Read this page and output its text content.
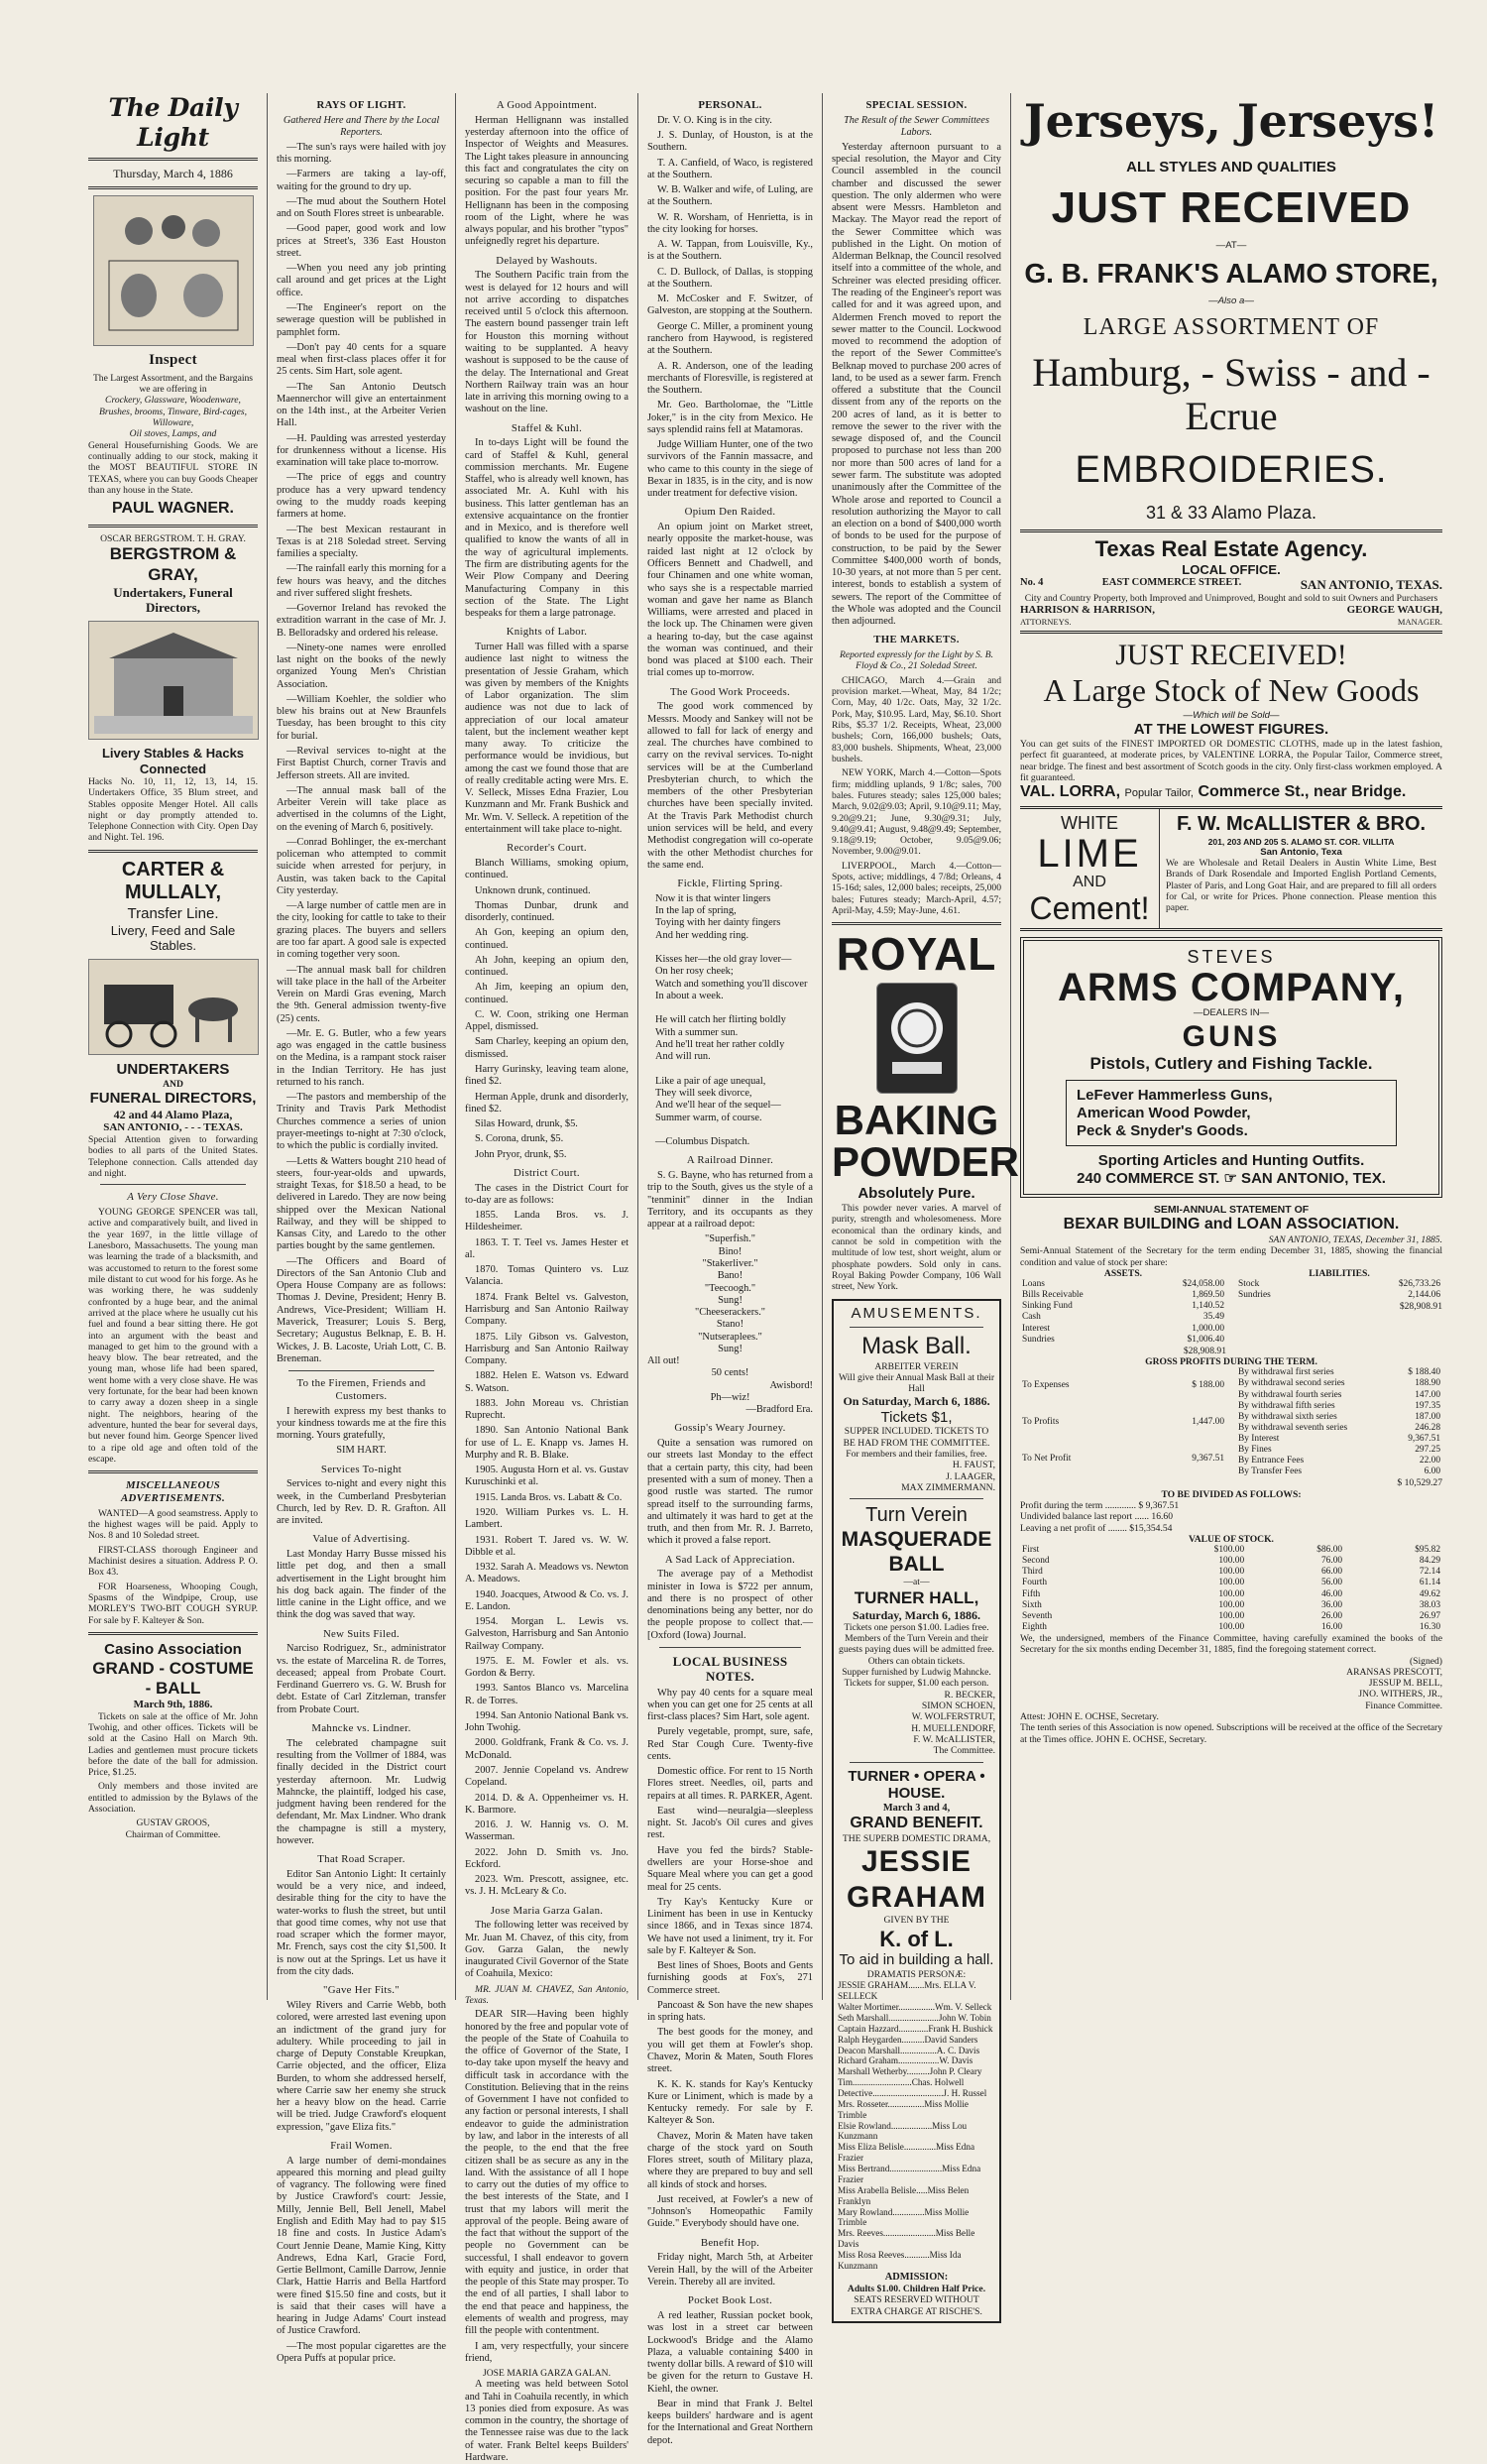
The Daily Light
Thursday, March 4, 1886
Inspect
The Largest Assortment, and the Bargains we are offering in
Crockery, Glassware, Woodenware,
Brushes, brooms, Tinware, Bird-cages, Willoware,
Oil stoves, Lamps, and
General Housefurnishing Goods. We are continually adding to our stock, making it the MOST BEAUTIFUL STORE IN TEXAS, where you can buy Goods Cheaper than any house in the State.
PAUL WAGNER.
OSCAR BERGSTROM. T. H. GRAY.
BERGSTROM & GRAY,
Undertakers, Funeral Directors,
Livery Stables & Hacks Connected
Hacks No. 10, 11, 12, 13, 14, 15. Undertakers Office, 35 Blum street, and Stables opposite Menger Hotel. All calls night or day promptly attended to. Telephone Connection with City. Open Day and Night. Tel. 196.
CARTER & MULLALY,
Transfer Line.
Livery, Feed and Sale Stables.
UNDERTAKERS
AND
FUNERAL DIRECTORS,
42 and 44 Alamo Plaza,
SAN ANTONIO, - - - TEXAS.
Special Attention given to forwarding bodies to all parts of the United States. Telephone connection. Calls attended day and night.
A Very Close Shave.

YOUNG GEORGE SPENCER was tall, active and comparatively built, and lived in the year 1697, in the little village of Lanesboro, Massachusetts. The young man was learning the trade of a blacksmith, and was accustomed to return to the forest some mile distant to cut wood for his forge. As he was working there, he was suddenly confronted by a huge bear, and the animal arrived at the place where he usually cut his fuel and found a bear sitting there. He got into an argument with the beast and managed to get him to the ground with a heavy blow. The bear retreated, and the young man, whose life had been spared, went home with a very close shave. He was very fortunate, for the bear had been known to carry away a dozen sheep in a single night. The neighbors, hearing of the adventure, hunted the bear for several days, but never found him. George Spencer lived to a ripe old age and often told of the escape.

MISCELLANEOUS ADVERTISEMENTS.

WANTED—A good seamstress. Apply to the highest wages will be paid. Apply to Nos. 8 and 10 Soledad street.

FIRST-CLASS thorough Engineer and Machinist desires a situation. Address P. O. Box 43.

FOR Hoarseness, Whooping Cough, Spasms of the Windpipe, Croup, use MORLEY'S TWO-BIT COUGH SYRUP. For sale by F. Kalteyer & Son.

Casino Association
GRAND - COSTUME - BALL
March 9th, 1886.

Tickets on sale at the office of Mr. John Twohig, and other offices. Tickets will be sold at the Casino Hall on March 9th. Ladies and gentlemen must procure tickets before the date of the ball for admission. Price, $1.25.

Only members and those invited are entitled to admission by the Bylaws of the Association.

GUSTAV GROOS,
Chairman of Committee.
RAYS OF LIGHT.
Gathered Here and There by the Local Reporters.

—The sun's rays were hailed with joy this morning.

—Farmers are taking a lay-off, waiting for the ground to dry up.

—The mud about the Southern Hotel and on South Flores street is unbearable.

—Good paper, good work and low prices at Street's, 336 East Houston street.

—When you need any job printing call around and get prices at the Light office.

—The Engineer's report on the sewerage question will be published in pamphlet form.

—Don't pay 40 cents for a square meal when first-class places offer it for 25 cents. Sim Hart, sole agent.

—The San Antonio Deutsch Maennerchor will give an entertainment on the 14th inst., at the Arbeiter Verien Hall.

—H. Paulding was arrested yesterday for drunkenness without a license. His examination will take place to-morrow.

—The price of eggs and country produce has a very upward tendency owing to the muddy roads keeping farmers at home.

—The best Mexican restaurant in Texas is at 218 Soledad street. Serving families a specialty.

—The rainfall early this morning for a few hours was heavy, and the ditches and river suffered slight freshets.

—Governor Ireland has revoked the extradition warrant in the case of Mr. J. B. Belloradsky and ordered his release.

—Ninety-one names were enrolled last night on the books of the newly organized Young Men's Christian Association.

—William Koehler, the soldier who blew his brains out at New Braunfels Tuesday, has been brought to this city for burial.

—Revival services to-night at the First Baptist Church, corner Travis and Jefferson streets. All are invited.

—The annual mask ball of the Arbeiter Verein will take place as advertised in the columns of the Light, on the evening of March 6, positively.

—Conrad Bohlinger, the ex-merchant policeman who attempted to commit suicide when arrested for perjury, in Austin, was taken back to the Capital City yesterday.

—A large number of cattle men are in the city, looking for cattle to take to their grazing places. The buyers and sellers are too far apart. A good sale is expected in coming together very soon.

—The annual mask ball for children will take place in the hall of the Arbeiter Verein on Mardi Gras evening, March the 9th. General admission twenty-five (25) cents.

—Mr. E. G. Butler, who a few years ago was engaged in the cattle business on the Medina, is a rampant stock raiser in the Indian Territory. He has just returned to his ranch.

—The pastors and membership of the Trinity and Travis Park Methodist Churches commence a series of union prayer-meetings to-night at 7:30 o'clock, to which the public is cordially invited.

—Letts & Watters bought 210 head of steers, four-year-olds and upwards, straight Texas, for $18.50 a head, to be delivered in Laredo. They are now being shipped over the Mexican National Railway, and they will be shipped to Kansas City, and Laredo to the other parties bought by the same gentlemen.

—The Officers and Board of Directors of the San Antonio Club and Opera House Company are as follows: Thomas J. Devine, President; Henry B. Andrews, Vice-President; William H. Maverick, Treasurer; Louis S. Berg, Secretary; Augustus Belknap, E. B. H. Wickes, J. B. Lacoste, Uriah Lott, C. B. Breneman.

To the Firemen, Friends and Customers.

I herewith express my best thanks to your kindness towards me at the fire this morning. Yours gratefully,

SIM HART.
Services To-night

Services to-night and every night this week, in the Cumberland Presbyterian Church, led by Rev. D. R. Grafton. All are invited.

Value of Advertising.

Last Monday Harry Busse missed his little pet dog, and then a small advertisement in the Light brought him his dog back again. The finder of the little canine in the Light office, and we think the dog was saved that way.

New Suits Filed.

Narciso Rodriguez, Sr., administrator vs. the estate of Marcelina R. de Torres, deceased; appeal from Probate Court. Ferdinand Guerrero vs. G. W. Brush for debt. Estate of Carl Zitzleman, transfer from Probate Court.

Mahncke vs. Lindner.

The celebrated champagne suit resulting from the Vollmer of 1884, was finally decided in the District court yesterday afternoon. Mr. Ludwig Mahncke, the plaintiff, lodged his case, judgment having been rendered for the defendant, Mr. Max Lindner. Who drank the champagne is still a mystery, however.

That Road Scraper.

Editor San Antonio Light: It certainly would be a very nice, and indeed, desirable thing for the city to have the water-works to flush the street, but until that good time comes, why not use that road scraper which the former mayor, Mr. French, says cost the city $1,500. It is now out at the Springs. Let us have it from the city dads.

"Gave Her Fits."

Wiley Rivers and Carrie Webb, both colored, were arrested last evening upon an indictment of the grand jury for adultery. While proceeding to jail in charge of Deputy Constable Kreupkan, Carrie objected, and the officer, Eliza Burden, to whom she addressed herself, where Carrie saw her enemy she struck her a heavy blow on the head. Carrie will be tried. Judge Crawford's eloquent expression, "gave Eliza fits."

Frail Women.

A large number of demi-mondaines appeared this morning and plead guilty of vagrancy. The following were fined by Justice Crawford's court: Jessie, Milly, Jennie Bell, Bell Jenell, Mabel English and Edith May had to pay $15 18 fine and costs. In Justice Adam's Court Jennie Deane, Mamie King, Kitty Andrews, Edna Karl, Gracie Ford, Gertie Bellmont, Camille Darrow, Jennie Clark, Hattie Harris and Bella Hartford were fined $15.50 fine and costs, but it is said that their cases will have a hearing in Judge Adams' Court instead of Justice Crawford.

—The most popular cigarettes are the Opera Puffs at popular price.

A Good Appointment.

Herman Hellignann was installed yesterday afternoon into the office of Inspector of Weights and Measures. The Light takes pleasure in announcing this fact and congratulates the city on securing so capable a man to fill the position. For the past four years Mr. Hellignann has been in the composing room of the Light, where he was always popular, and his brother "typos" unfeignedly regret his departure.

Delayed by Washouts.

The Southern Pacific train from the west is delayed for 12 hours and will not arrive according to dispatches received until 5 o'clock this afternoon. The eastern bound passenger train left for Houston this morning without waiting to be supplanted. A heavy washout is supposed to be the cause of the delay. The International and Great Northern Railway train was an hour late in arriving this morning owing to a washout on the line.

Staffel & Kuhl.

In to-days Light will be found the card of Staffel & Kuhl, general commission merchants. Mr. Eugene Staffel, who is already well known, has associated Mr. A. Kuhl with his business. This latter gentleman has an extensive acquaintance on the frontier and in Mexico, and is therefore well qualified to know the wants of all in the way of agricultural implements. The firm are distributing agents for the Weir Plow Company and Deering Manufacturing Company in this section of the State. The Light bespeaks for them a large patronage.

Knights of Labor.

Turner Hall was filled with a sparse audience last night to witness the presentation of Jessie Graham, which was given by members of the Knights of Labor organization. The slim audience was not due to lack of appreciation of our local amateur talent, but the inclement weather kept many away. To criticize the performance would be invidious, but among the cast we found those that are of really creditable acting were Mrs. E. V. Selleck, Misses Edna Frazier, Lou Kunzmann and Mr. Frank Bushick and Mr. Wm. V. Selleck. A repetition of the entertainment will take place to-night.

Recorder's Court.

Blanch Williams, smoking opium, continued.

Unknown drunk, continued.

Thomas Dunbar, drunk and disorderly, continued.

Ah Gon, keeping an opium den, continued.

Ah John, keeping an opium den, continued.

Ah Jim, keeping an opium den, continued.

C. W. Coon, striking one Herman Appel, dismissed.

Sam Charley, keeping an opium den, dismissed.

Harry Gurinsky, leaving team alone, fined $2.

Herman Apple, drunk and disorderly, fined $2.

Silas Howard, drunk, $5.

S. Corona, drunk, $5.

John Pryor, drunk, $5.

District Court.

The cases in the District Court for to-day are as follows:

1855. Landa Bros. vs. J. Hildesheimer.

1863. T. T. Teel vs. James Hester et al.

1870. Tomas Quintero vs. Luz Valancia.

1874. Frank Beltel vs. Galveston, Harrisburg and San Antonio Railway Company.

1875. Lily Gibson vs. Galveston, Harrisburg and San Antonio Railway Company.

1882. Helen E. Watson vs. Edward S. Watson.

1883. John Moreau vs. Christian Ruprecht.

1890. San Antonio National Bank for use of L. E. Knapp vs. James H. Murphy and R. B. Blake.

1905. Augusta Horn et al. vs. Gustav Kuruschinki et al.

1915. Landa Bros. vs. Labatt & Co.

1920. William Purkes vs. L. H. Lambert.

1931. Robert T. Jared vs. W. W. Dibble et al.

1932. Sarah A. Meadows vs. Newton A. Meadows.

1940. Joacques, Atwood & Co. vs. J. E. Landon.

1954. Morgan L. Lewis vs. Galveston, Harrisburg and San Antonio Railway Company.

1975. E. M. Fowler et als. vs. Gordon & Berry.

1993. Santos Blanco vs. Marcelina R. de Torres.

1994. San Antonio National Bank vs. John Twohig.

2000. Goldfrank, Frank & Co. vs. J. McDonald.

2007. Jennie Copeland vs. Andrew Copeland.

2014. D. & A. Oppenheimer vs. H. K. Barmore.

2016. J. W. Hannig vs. O. M. Wasserman.

2022. John D. Smith vs. Jno. Eckford.

2023. Wm. Prescott, assignee, etc. vs. J. H. McLeary & Co.

Jose Maria Garza Galan.

The following letter was received by Mr. Juan M. Chavez, of this city, from Gov. Garza Galan, the newly inaugurated Civil Governor of the State of Coahuila, Mexico:

MR. JUAN M. CHAVEZ, San Antonio, Texas.

DEAR SIR—Having been highly honored by the free and popular vote of the people of the State of Coahuila to the office of Governor of the State, I to-day take upon myself the heavy and difficult task in accordance with the Constitution. Believing that in the reins of Government I have not confided to any faction or personal interests, I shall endeavor to guide the administration by law, and labor in the interests of all the people, to the end that the free citizen shall be as secure as any in the land. With the assistance of all I hope to carry out the duties of my office to the best interests of the State, and I trust that my labors will merit the approval of the people. Being aware of the fact that without the support of the people no Government can be successful, I shall endeavor to govern with equity and justice, in order that the people of this State may prosper. To the end of all parties, I shall labor to the end that peace and happiness, the elements of wealth and progress, may fill the people with contentment.

I am, very respectfully, your sincere friend,

JOSE MARIA GARZA GALAN.

A meeting was held between Sotol and Tahi in Coahuila recently, in which 13 ponies died from exposure. As was common in the country, the shortage of the Tennessee raise was due to the lack of water. Frank Beltel keeps Builders' Hardware.

PERSONAL.

Dr. V. O. King is in the city.

J. S. Dunlay, of Houston, is at the Southern.

T. A. Canfield, of Waco, is registered at the Southern.

W. B. Walker and wife, of Luling, are at the Southern.

W. R. Worsham, of Henrietta, is in the city looking for horses.

A. W. Tappan, from Louisville, Ky., is at the Southern.

C. D. Bullock, of Dallas, is stopping at the Southern.

M. McCosker and F. Switzer, of Galveston, are stopping at the Southern.

George C. Miller, a prominent young ranchero from Haywood, is registered at the Southern.

A. R. Anderson, one of the leading merchants of Floresville, is registered at the Southern.

Mr. Geo. Bartholomae, the "Little Joker," is in the city from Mexico. He says splendid rains fell at Matamoras.

Judge William Hunter, one of the two survivors of the Fannin massacre, and who came to this county in the siege of Bexar in 1835, is in the city, and is now under treatment for defective vision.

Opium Den Raided.

An opium joint on Market street, nearly opposite the market-house, was raided last night at 12 o'clock by Officers Bennett and Chadwell, and four Chinamen and one white woman, who says she is a respectable married woman and gave her name as Blanch Williams, were arrested and placed in the lock up. The Chinamen were given a hearing to-day, but the case against the woman was continued, and their bond was placed at $100 each. Their trial comes up to-morrow.

The Good Work Proceeds.

The good work commenced by Messrs. Moody and Sankey will not be allowed to fall for lack of energy and zeal. The churches have combined to carry on the revival services. To-night services will be at the Cumberland Presbyterian church, to which the members of the other Presbyterian churches have been specially invited. At the Travis Park Methodist church union services will be held, and every Methodist congregation will co-operate with the other Methodist churches for the same end.

Fickle, Flirting Spring.
Now it is that winter lingers
In the lap of spring,
Toying with her dainty fingers
And her wedding ring.

Kisses her—the old gray lover—
On her rosy cheek;
Watch and something you'll discover
In about a week.

He will catch her flirting boldly
With a summer sun.
And he'll treat her rather coldly
And will run.

Like a pair of age unequal,
They will seek divorce,
And we'll hear of the sequel—
Summer warm, of course.

—Columbus Dispatch.
A Railroad Dinner.

S. G. Bayne, who has returned from a trip to the South, gives us the style of a "tenminit" dinner in the Indian Territory, and its occupants as they appear at a railroad depot:

"Superfish."
Bino!
"Stakerliver."
Bano!
"Teecoogh."
Sung!
"Cheeserackers."
Stano!
"Nutseraplees."
Sung!
All out!
50 cents!
Awisbord!
Ph—wiz!
—Bradford Era.
Gossip's Weary Journey.

Quite a sensation was rumored on our streets last Monday to the effect that a certain party, this city, had been presented with a sum of money. Then a good rustle was started. The rumor spread itself to the surrounding farms, and ultimately it was hard to get at the truth, and then from Mr. R. J. Barreto, which it proved a false report.

A Sad Lack of Appreciation.

The average pay of a Methodist minister in Iowa is $722 per annum, and there is no prospect of other denominations being any better, nor do the people propose to collect that.—[Oxford (Iowa) Journal.

LOCAL BUSINESS NOTES.

Why pay 40 cents for a square meal when you can get one for 25 cents at all first-class places? Sim Hart, sole agent.

Purely vegetable, prompt, sure, safe, Red Star Cough Cure. Twenty-five cents.

Domestic office. For rent to 15 North Flores street. Needles, oil, parts and repairs at all times. R. PARKER, Agent.

East wind—neuralgia—sleepless night. St. Jacob's Oil cures and gives rest.

Have you fed the birds? Stable-dwellers are your Horse-shoe and Square Meal where you can get a good meal for 25 cents.

Try Kay's Kentucky Kure or Liniment has been in use in Kentucky since 1866, and in Texas since 1874. We have not used a liniment, try it. For sale by F. Kalteyer & Son.

Best lines of Shoes, Boots and Gents furnishing goods at Fox's, 271 Commerce street.

Pancoast & Son have the new shapes in spring hats.

The best goods for the money, and you will get them at Fowler's shop. Chavez, Morin & Maten, South Flores street.

K. K. K. stands for Kay's Kentucky Kure or Liniment, which is made by a Kentucky remedy. For sale by F. Kalteyer & Son.

Chavez, Morin & Maten have taken charge of the stock yard on South Flores street, south of Military plaza, where they are prepared to buy and sell all kinds of stock and horses.

Just received, at Fowler's a new of "Johnson's Homeopathic Family Guide." Everybody should have one.

Benefit Hop.

Friday night, March 5th, at Arbeiter Verein Hall, by the will of the Arbeiter Verein. Thereby all are invited.

Pocket Book Lost.

A red leather, Russian pocket book, was lost in a street car between Lockwood's Bridge and the Alamo Plaza, a valuable containing $400 in twenty dollar bills. A reward of $10 will be given for the return to Gustave H. Kiehl, the owner.

Bear in mind that Frank J. Beltel keeps builders' hardware and is agent for the International and Great Northern depot.

SPECIAL SESSION.
The Result of the Sewer Committees Labors.

Yesterday afternoon pursuant to a special resolution, the Mayor and City Council assembled in the council chamber and discussed the sewer question. The only aldermen who were absent were Messrs. Hambleton and Mackay. The Mayor read the report of the Sewer Committee which was published in the Light. On motion of Alderman Belknap, the Council resolved itself into a committee of the whole, and Schreiner was elected presiding officer. The reading of the Engineer's report was called for and it was agreed upon, and Aldermen French moved to report the sewer matter to the Council. Lockwood moved to recommend the adoption of the report of the Sewer Committee's Belknap moved to purchase 200 acres of land, to be used as a sewer farm. French offered a substitute that the Council dissent from any of the reports on the 200 acres of land, as it is better to remove the sewer to the river with the sewage disposed of, and the Council proposed to purchase not less than 200 nor more than 500 acres of land for a sewer farm. The substitute was adopted unanimously after the Committee of the Whole arose and reported to Council a resolution authorizing the Mayor to call an election on a bond of $400,000 worth of bonds to be used for the purpose of construction, to be paid by the Sewer Committee $400,000 worth of bonds, 10-30 years, at not more than 5 per cent. interest, bonds to establish a system of sewers. The report of the Committee of the Whole was adopted and the Council then adjourned.

THE MARKETS.
Reported expressly for the Light by S. B. Floyd & Co., 21 Soledad Street.

CHICAGO, March 4.—Grain and provision market.—Wheat, May, 84 1/2c; Corn, May, 40 1/2c. Oats, May, 32 1/2c. Pork, May, $10.95. Lard, May, $6.10. Short Ribs, $5.37 1/2. Receipts, Wheat, 23,000 bushels; Corn, 166,000 bushels; Oats, 83,000 bushels. Shipments, Wheat, 23,000 bushels.

NEW YORK, March 4.—Cotton—Spots firm; middling uplands, 9 1/8c; sales, 700 bales. Futures steady; sales 125,000 bales; March, 9.02@9.03; April, 9.10@9.11; May, 9.20@9.21; June, 9.30@9.31; July, 9.40@9.41; August, 9.48@9.49; September, 9.18@9.19; October, 9.05@9.06; November, 9.00@9.01.

LIVERPOOL, March 4.—Cotton—Spots, active; middlings, 4 7/8d; Orleans, 4 15-16d; sales, 12,000 bales; receipts, 25,000 bales; Futures steady; March-April, 4.57; April-May, 4.59; May-June, 4.61.

ROYAL
BAKING
POWDER
Absolutely Pure.

This powder never varies. A marvel of purity, strength and wholesomeness. More economical than the ordinary kinds, and cannot be sold in competition with the multitude of low test, short weight, alum or phosphate powders. Sold only in cans. Royal Baking Powder Company, 106 Wall street, New York.

AMUSEMENTS.
Mask Ball.
ARBEITER VEREIN
Will give their Annual Mask Ball at their Hall
On Saturday, March 6, 1886.
Tickets $1,
SUPPER INCLUDED. TICKETS TO BE HAD FROM THE COMMITTEE.
For members and their families, free.
H. FAUST,
J. LAAGER,
MAX ZIMMERMANN.
Turn Verein
MASQUERADE BALL
—at—
TURNER HALL,
Saturday, March 6, 1886.
Tickets one person $1.00. Ladies free.
Members of the Turn Verein and their guests paying dues will be admitted free. Others can obtain tickets.
Supper furnished by Ludwig Mahncke. Tickets for supper, $1.00 each person.
R. BECKER,
SIMON SCHOEN,
W. WOLFERSTRUT,
H. MUELLENDORF,
F. W. McALLISTER,
The Committee.
TURNER • OPERA • HOUSE.
March 3 and 4,
GRAND BENEFIT.
THE SUPERB DOMESTIC DRAMA,
JESSIE GRAHAM
GIVEN BY THE
K. of L.
To aid in building a hall.
DRAMATIS PERSONÆ:
JESSIE GRAHAM.......Mrs. ELLA V. SELLECK
Walter Mortimer................Wm. V. Selleck
Seth Marshall......................John W. Tobin
Captain Hazzard.............Frank H. Bushick
Ralph Heygarden..........David Sanders
Deacon Marshall................A. C. Davis
Richard Graham..................W. Davis
Marshall Wetherby..........John P. Cleary
Tim..........................Chas. Holwell
Detective...............................J. H. Russel
Mrs. Rosseter................Miss Mollie Trimble
Elsie Rowland..................Miss Lou Kunzmann
Miss Eliza Belisle..............Miss Edna Frazier
Miss Bertrand.......................Miss Edna Frazier
Miss Arabella Belisle.....Miss Belen Franklyn
Mary Rowland..............Miss Mollie Trimble
Mrs. Reeves.......................Miss Belle Davis
Miss Rosa Reeves...........Miss Ida Kunzmann
ADMISSION:
Adults $1.00. Children Half Price.
SEATS RESERVED WITHOUT EXTRA CHARGE AT RISCHE'S.
Jerseys, Jerseys!
ALL STYLES AND QUALITIES
JUST RECEIVED
—AT—
G. B. FRANK'S ALAMO STORE,
—Also a—
LARGE ASSORTMENT OF
Hamburg, - Swiss - and - Ecrue
EMBROIDERIES.
31 & 33 Alamo Plaza.
Texas Real Estate Agency.
LOCAL OFFICE.
No. 4	EAST COMMERCE STREET.	SAN ANTONIO, TEXAS.
City and Country Property, both Improved and Unimproved, Bought and sold to suit Owners and Purchasers
HARRISON & HARRISON,	GEORGE WAUGH,
ATTORNEYS.	MANAGER.
JUST RECEIVED!
A Large Stock of New Goods
—Which will be Sold—
AT THE LOWEST FIGURES.
You can get suits of the FINEST IMPORTED OR DOMESTIC CLOTHS, made up in the latest fashion, perfect fit guaranteed, at moderate prices, by VALENTINE LORRA, the Popular Tailor, Commerce street, near bridge. The finest and best assortment of Scotch goods in the city. Only first-class workmen employed. A fit guaranteed.
VAL. LORRA, Popular Tailor, Commerce St., near Bridge.
WHITE
LIME
AND
Cement!
F. W. McALLISTER & BRO.
201, 203 AND 205 S. ALAMO ST. COR. VILLITA
San Antonio, Texa
We are Wholesale and Retail Dealers in Austin White Lime, Best Brands of Dark Rosendale and Imported English Portland Cements, Plaster of Paris, and Long Goat Hair, and are prepared to fill all orders for Cal, or write for Prices. Phone connection. Please mention this paper.
STEVES
ARMS COMPANY,
—DEALERS IN—
GUNS
Pistols, Cutlery and Fishing Tackle.
LeFever Hammerless Guns,
American Wood Powder,
Peck & Snyder's Goods.
Sporting Articles and Hunting Outfits.
240 COMMERCE ST. ☞ SAN ANTONIO, TEX.
SEMI-ANNUAL STATEMENT OF
BEXAR BUILDING and LOAN ASSOCIATION.
SAN ANTONIO, TEXAS, December 31, 1885.
Semi-Annual Statement of the Secretary for the term ending December 31, 1885, showing the financial condition and value of stock per share:
ASSETS.
Loans	$24,058.00
Bills Receivable	1,869.50
Sinking Fund	1,140.52
Cash	35.49
Interest	1,000.00
Sundries	$1,006.40
$28,908.91
LIABILITIES.
Stock	$26,733.26
Sundries	2,144.06
$28,908.91
GROSS PROFITS DURING THE TERM.
To Expenses	$ 188.00
To Profits	1,447.00
To Net Profit	9,367.51
By withdrawal first series	$ 188.40
By withdrawal second series	188.90
By withdrawal fourth series	147.00
By withdrawal fifth series	197.35
By withdrawal sixth series	187.00
By withdrawal seventh series	246.28
By Interest	9,367.51
By Fines	297.25
By Entrance Fees	22.00
By Transfer Fees	6.00
$ 10,529.27
TO BE DIVIDED AS FOLLOWS:
Profit during the term ............. $ 9,367.51
Undivided balance last report ...... 16.60
Leaving a net profit of ........ $15,354.54
VALUE OF STOCK.
First	$100.00	$86.00	$95.82
Second	100.00	76.00	84.29
Third	100.00	66.00	72.14
Fourth	100.00	56.00	61.14
Fifth	100.00	46.00	49.62
Sixth	100.00	36.00	38.03
Seventh	100.00	26.00	26.97
Eighth	100.00	16.00	16.30
We, the undersigned, members of the Finance Committee, having carefully examined the books of the Secretary for the six months ending December 31, 1885, find the foregoing statement correct.
(Signed)
ARANSAS PRESCOTT,
JESSUP M. BELL,
JNO. WITHERS, JR.,
Finance Committee.
Attest: JOHN E. OCHSE, Secretary.
The tenth series of this Association is now opened. Subscriptions will be received at the office of the Secretary at the Times office. JOHN E. OCHSE, Secretary.
